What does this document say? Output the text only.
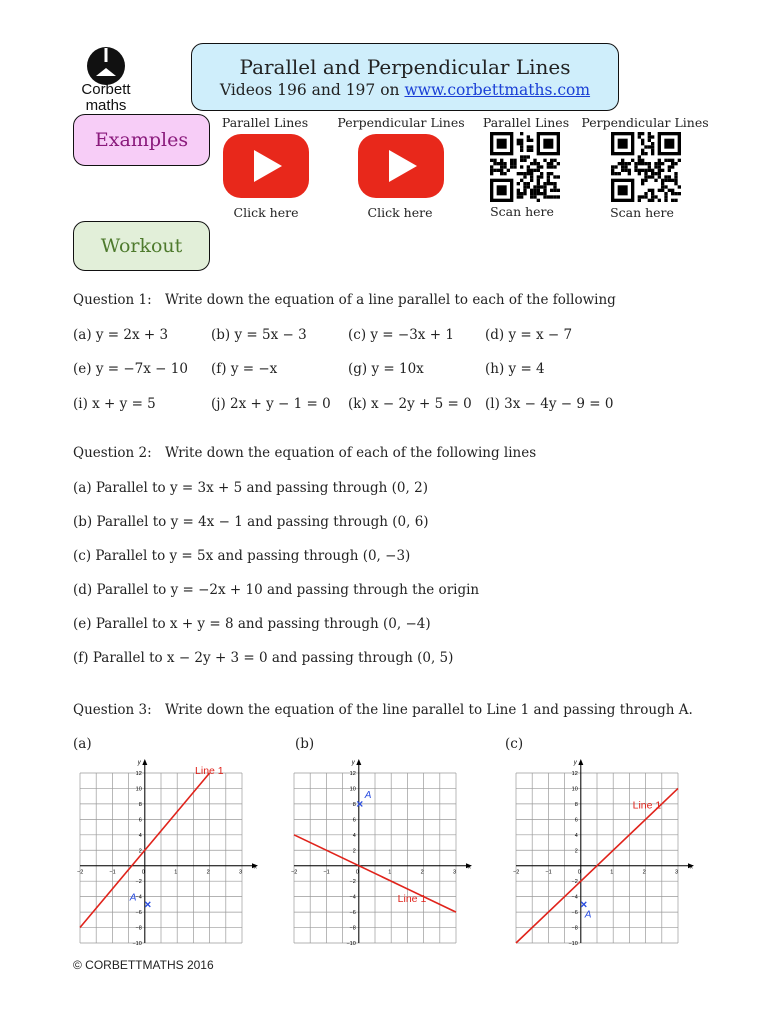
Corbett
maths
Parallel and Perpendicular Lines
Videos 196 and 197 on www.corbettmaths.com
Examples
Workout
Parallel Lines Perpendicular Lines Parallel Lines Perpendicular Lines
Click here	Click here	Scan here	Scan here
Question 1: Write down the equation of a line parallel to each of the following
(a) y = 2x + 3	(b) y = 5x − 3	(c) y = −3x + 1 (d) y = x − 7
(e) y = −7x − 10 (f) y = −x	(g) y = 10x	(h) y = 4
(i) x + y = 5	(j) 2x + y − 1 = 0 (k) x − 2y + 5 = 0 (l) 3x − 4y − 9 = 0
Question 2: Write down the equation of each of the following lines
(a) Parallel to y = 3x + 5 and passing through (0, 2)
(b) Parallel to y = 4x − 1 and passing through (0, 6)
(c) Parallel to y = 5x and passing through (0, −3)
(d) Parallel to y = −2x + 10 and passing through the origin
(e) Parallel to x + y = 8 and passing through (0, −4)
(f) Parallel to x − 2y + 3 = 0 and passing through (0, 5)
Question 3: Write down the equation of the line parallel to Line 1 and passing through A.
(a)	(b)	(c)
x
y
−2	−1	0	1	2	3
12
10
8
6
4
2
−2
−4
−6
−8
−10
Line 1
A
x
y
−2	−1	0	1	2	3
12
10
8
6
4
2
−2
−4
−6
−8
−10
Line 1
A
x
y
−2	−1	0	1	2	3
12
10
8
6
4
2
−2
−4
−6
−8
−10
Line 1
A
© CORBETTMATHS 2016
